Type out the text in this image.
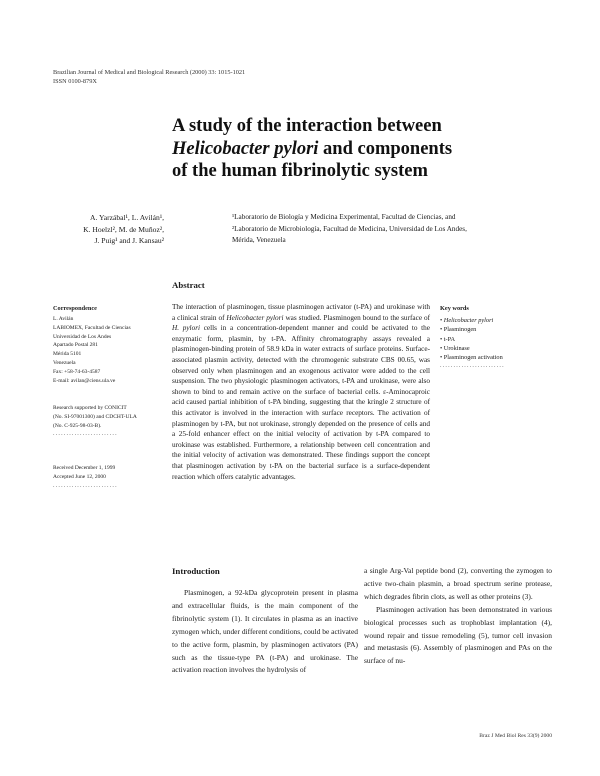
Brazilian Journal of Medical and Biological Research (2000) 33: 1015-1021
ISSN 0100-879X
A study of the interaction between
Helicobacter pylori and components
of the human fibrinolytic system
A. Yarzábal¹, L. Avilán¹,
K. Hoelzl², M. de Muñoz²,
J. Puig¹ and J. Kansau²
¹Laboratorio de Biología y Medicina Experimental, Facultad de Ciencias, and
²Laboratorio de Microbiología, Facultad de Medicina, Universidad de Los Andes,
Mérida, Venezuela
Abstract
The interaction of plasminogen, tissue plasminogen activator (t-PA) and urokinase with a clinical strain of Helicobacter pylori was studied. Plasminogen bound to the surface of H. pylori cells in a concentration-dependent manner and could be activated to the enzymatic form, plasmin, by t-PA. Affinity chromatography assays revealed a plasminogen-binding protein of 58.9 kDa in water extracts of surface proteins. Surface-associated plasmin activity, detected with the chromogenic substrate CBS 00.65, was observed only when plasminogen and an exogenous activator were added to the cell suspension. The two physiologic plasminogen activators, t-PA and urokinase, were also shown to bind to and remain active on the surface of bacterial cells. ε-Aminocaproic acid caused partial inhibition of t-PA binding, suggesting that the kringle 2 structure of this activator is involved in the interaction with surface receptors. The activation of plasminogen by t-PA, but not urokinase, strongly depended on the presence of cells and a 25-fold enhancer effect on the initial velocity of activation by t-PA compared to urokinase was established. Furthermore, a relationship between cell concentration and the initial velocity of activation was demonstrated. These findings support the concept that plasminogen activation by t-PA on the bacterial surface is a surface-dependent reaction which offers catalytic advantages.
Correspondence
L. Avilán
LABIOMEX, Facultad de Ciencias
Universidad de Los Andes
Apartado Postal 281
Mérida 5101
Venezuela
Fax: +58-74-63-4587
E-mail: avilan@ciens.ula.ve
Research supported by CONICIT
(No. SI-97001300) and CDCHT-ULA
(No. C-925-98-03-B).
........................
Received December 1, 1999
Accepted June 12, 2000
........................
Key words
• Helicobacter pylori
• Plasminogen
• t-PA
• Urokinase
• Plasminogen activation
........................
Introduction

Plasminogen, a 92-kDa glycoprotein present in plasma and extracellular fluids, is the main component of the fibrinolytic system (1). It circulates in plasma as an inactive zymogen which, under different conditions, could be activated to the active form, plasmin, by plasminogen activators (PA) such as the tissue-type PA (t-PA) and urokinase. The activation reaction involves the hydrolysis of

a single Arg-Val peptide bond (2), converting the zymogen to active two-chain plasmin, a broad spectrum serine protease, which degrades fibrin clots, as well as other proteins (3).

Plasminogen activation has been demonstrated in various biological processes such as trophoblast implantation (4), wound repair and tissue remodeling (5), tumor cell invasion and metastasis (6). Assembly of plasminogen and PAs on the surface of nu-

Braz J Med Biol Res 33(9) 2000
